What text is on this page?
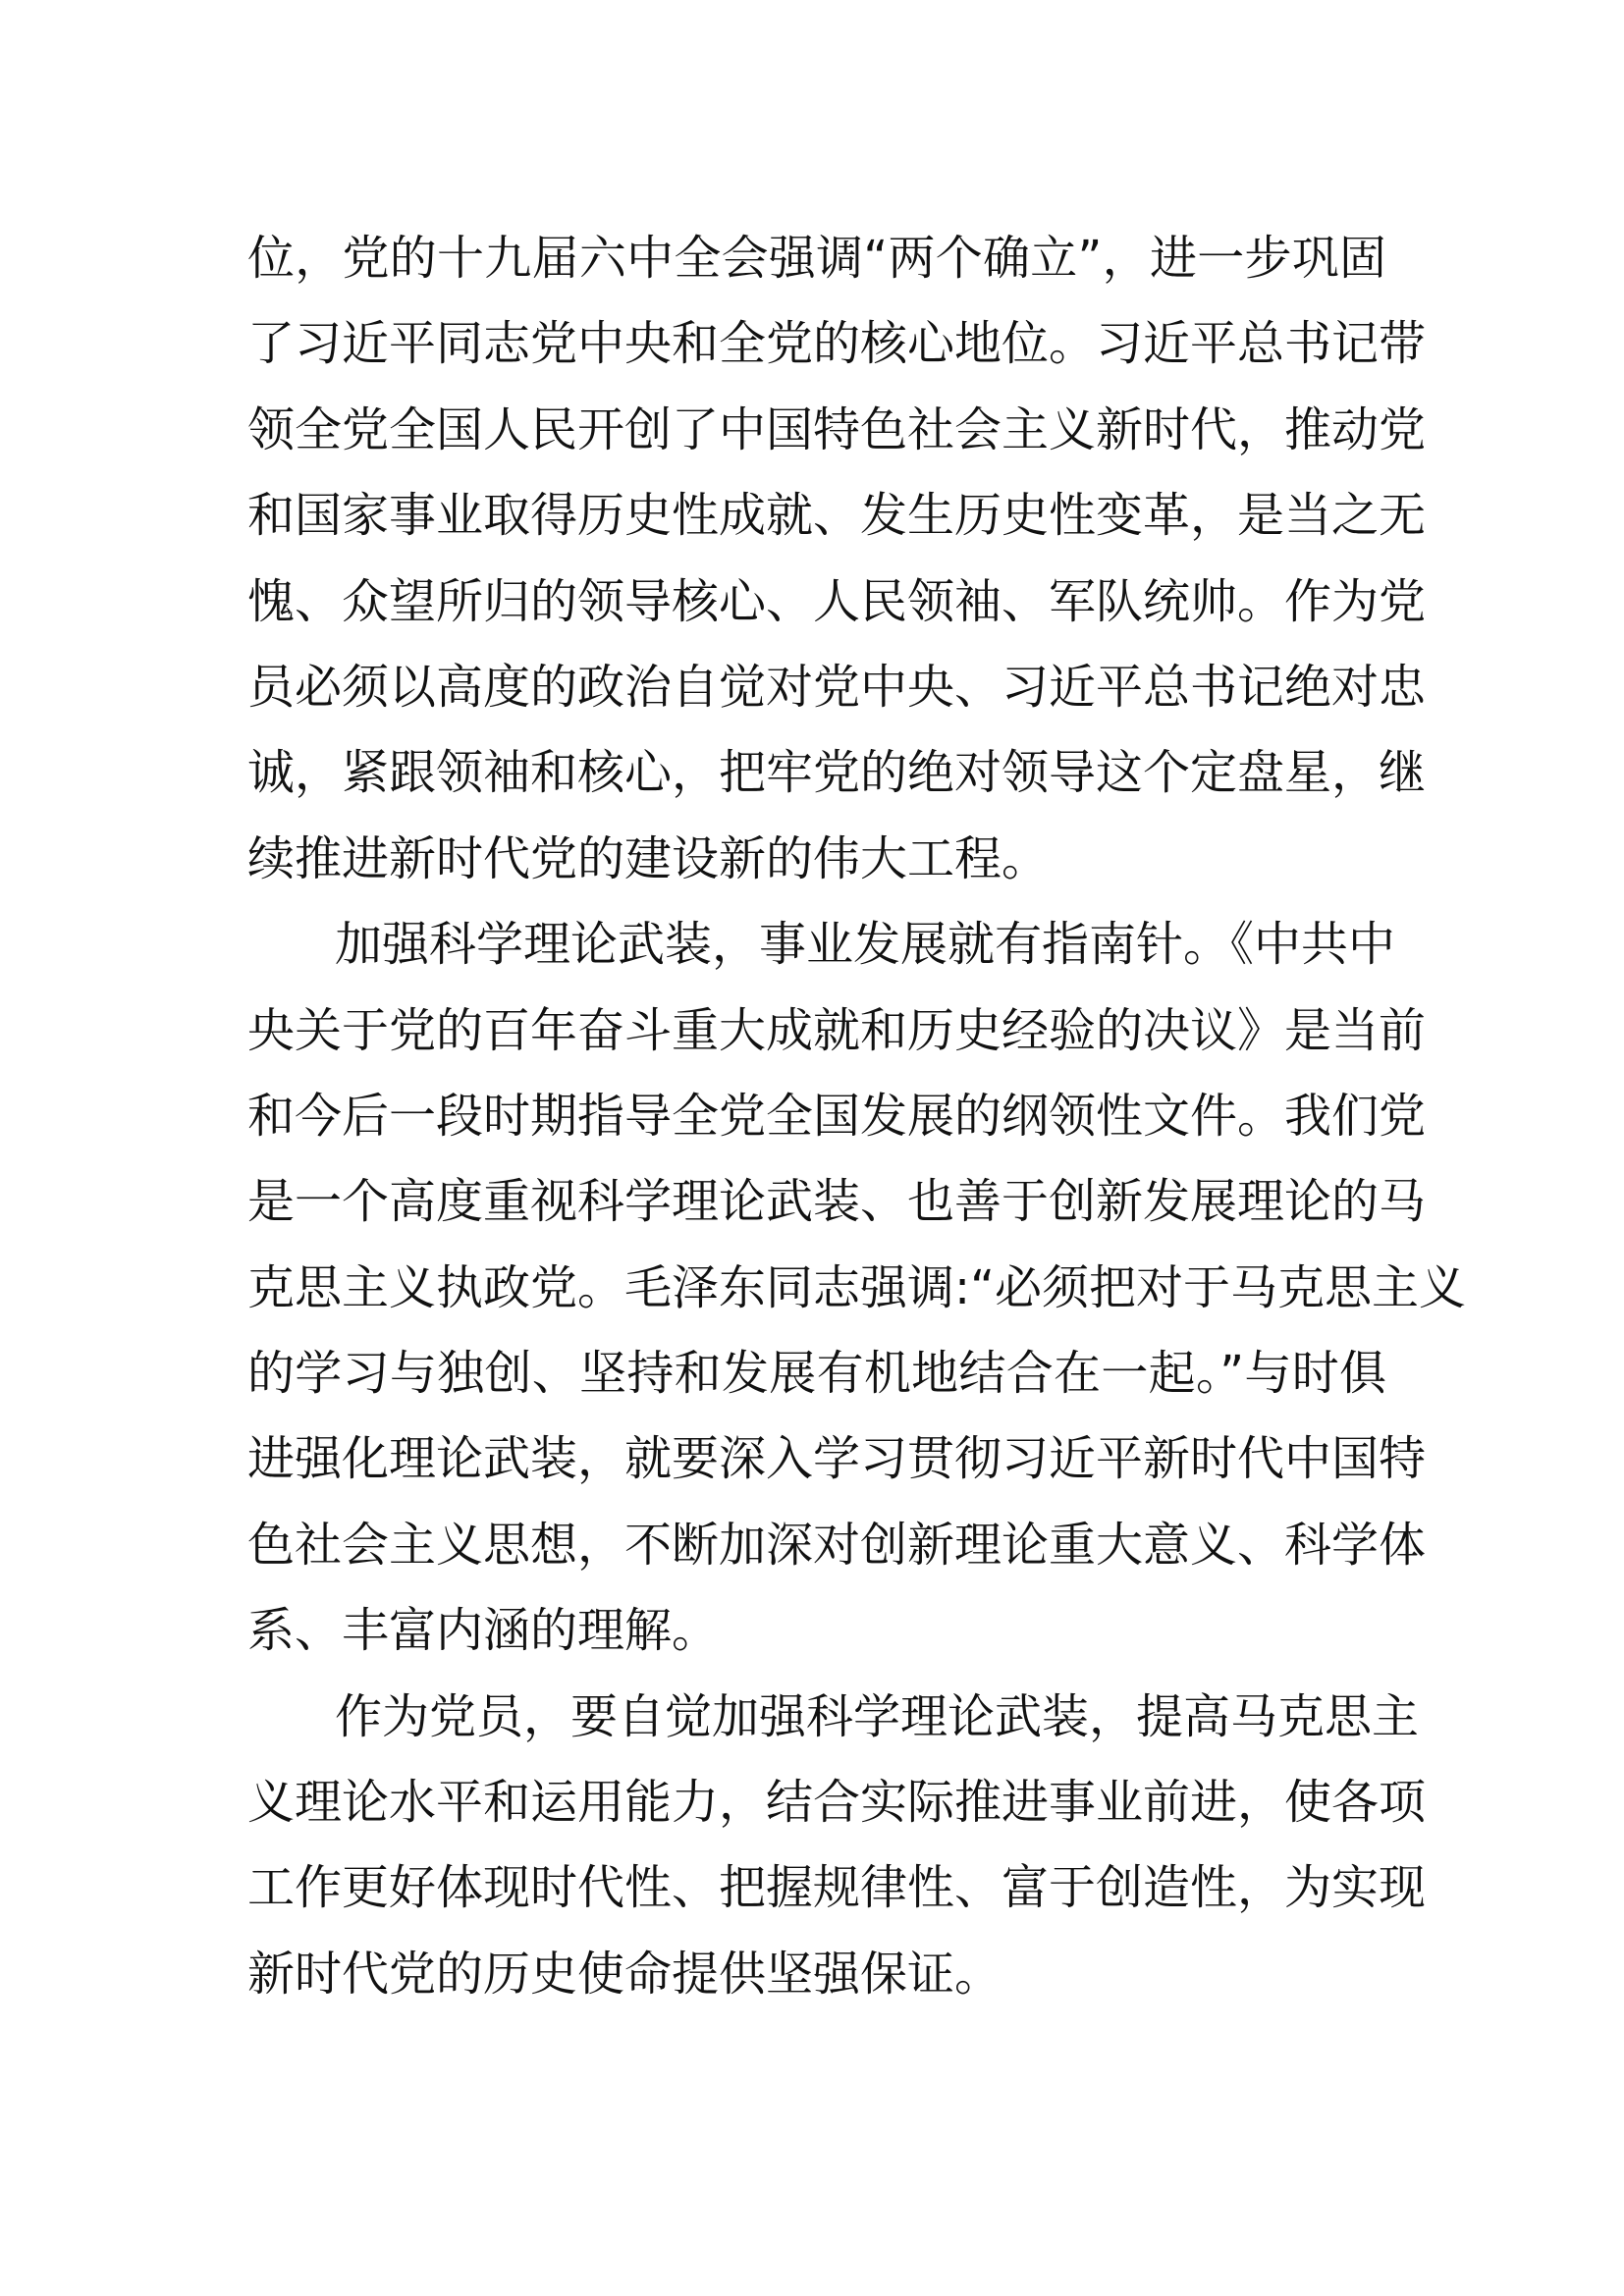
位，党的十九届六中全会强调“两个确立”，进一步巩固
了习近平同志党中央和全党的核心地位。习近平总书记带
领全党全国人民开创了中国特色社会主义新时代，推动党
和国家事业取得历史性成就、发生历史性变革，是当之无
愧、众望所归的领导核心、人民领袖、军队统帅。作为党
员必须以高度的政治自觉对党中央、习近平总书记绝对忠
诚，紧跟领袖和核心，把牢党的绝对领导这个定盘星，继
续推进新时代党的建设新的伟大工程。
加强科学理论武装，事业发展就有指南针。《中共中
央关于党的百年奋斗重大成就和历史经验的决议》是当前
和今后一段时期指导全党全国发展的纲领性文件。我们党
是一个高度重视科学理论武装、也善于创新发展理论的马
克思主义执政党。毛泽东同志强调:“必须把对于马克思主义
的学习与独创、坚持和发展有机地结合在一起。”与时俱
进强化理论武装，就要深入学习贯彻习近平新时代中国特
色社会主义思想，不断加深对创新理论重大意义、科学体
系、丰富内涵的理解。
作为党员，要自觉加强科学理论武装，提高马克思主
义理论水平和运用能力，结合实际推进事业前进，使各项
工作更好体现时代性、把握规律性、富于创造性，为实现
新时代党的历史使命提供坚强保证。
